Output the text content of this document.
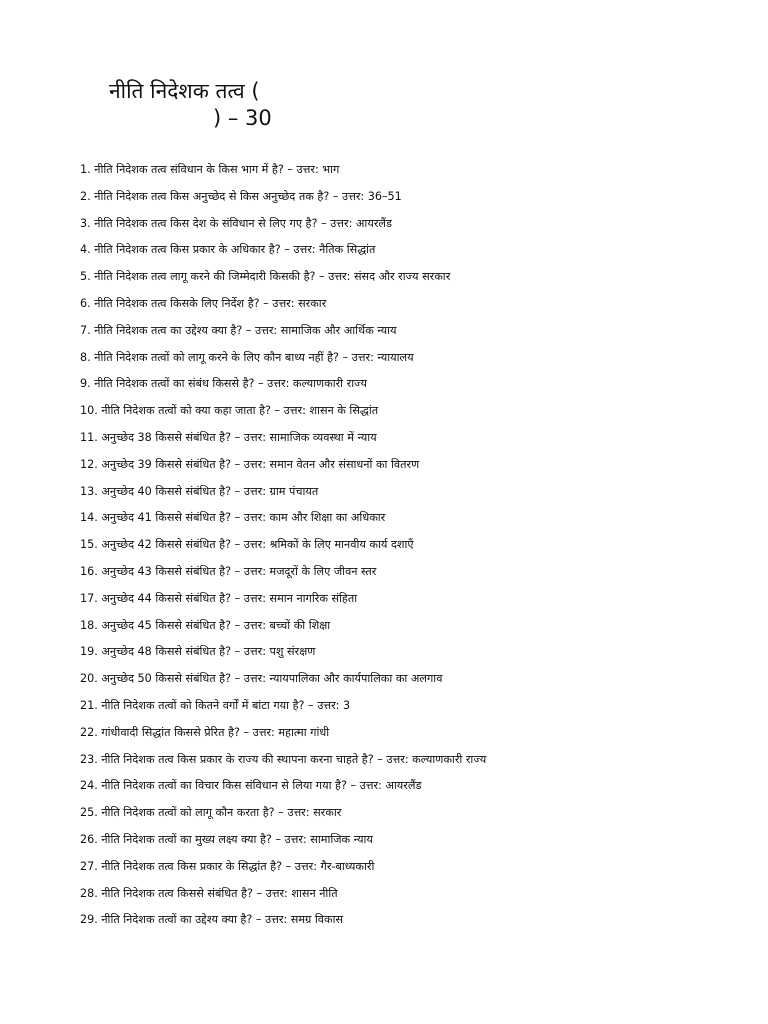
नीति निदेशक तत्व (
) – 30
1. नीति निदेशक तत्व संविधान के किस भाग में है? – उत्तर: भाग
2. नीति निदेशक तत्व किस अनुच्छेद से किस अनुच्छेद तक है? – उत्तर: 36–51
3. नीति निदेशक तत्व किस देश के संविधान से लिए गए है? – उत्तर: आयरलैंड
4. नीति निदेशक तत्व किस प्रकार के अधिकार है? – उत्तर: नैतिक सिद्धांत
5. नीति निदेशक तत्व लागू करने की जिम्मेदारी किसकी है? – उत्तर: संसद और राज्य सरकार
6. नीति निदेशक तत्व किसके लिए निर्देश है? – उत्तर: सरकार
7. नीति निदेशक तत्व का उद्देश्य क्या है? – उत्तर: सामाजिक और आर्थिक न्याय
8. नीति निदेशक तत्वों को लागू करने के लिए कौन बाध्य नहीं है? – उत्तर: न्यायालय
9. नीति निदेशक तत्वों का संबंध किससे है? – उत्तर: कल्याणकारी राज्य
10. नीति निदेशक तत्वों को क्या कहा जाता है? – उत्तर: शासन के सिद्धांत
11. अनुच्छेद 38 किससे संबंधित है? – उत्तर: सामाजिक व्यवस्था में न्याय
12. अनुच्छेद 39 किससे संबंधित है? – उत्तर: समान वेतन और संसाधनों का वितरण
13. अनुच्छेद 40 किससे संबंधित है? – उत्तर: ग्राम पंचायत
14. अनुच्छेद 41 किससे संबंधित है? – उत्तर: काम और शिक्षा का अधिकार
15. अनुच्छेद 42 किससे संबंधित है? – उत्तर: श्रमिकों के लिए मानवीय कार्य दशाएँ
16. अनुच्छेद 43 किससे संबंधित है? – उत्तर: मजदूरों के लिए जीवन स्तर
17. अनुच्छेद 44 किससे संबंधित है? – उत्तर: समान नागरिक संहिता
18. अनुच्छेद 45 किससे संबंधित है? – उत्तर: बच्चों की शिक्षा
19. अनुच्छेद 48 किससे संबंधित है? – उत्तर: पशु संरक्षण
20. अनुच्छेद 50 किससे संबंधित है? – उत्तर: न्यायपालिका और कार्यपालिका का अलगाव
21. नीति निदेशक तत्वों को कितने वर्गों में बांटा गया है? – उत्तर: 3
22. गांधीवादी सिद्धांत किससे प्रेरित है? – उत्तर: महात्मा गांधी
23. नीति निदेशक तत्व किस प्रकार के राज्य की स्थापना करना चाहते है? – उत्तर: कल्याणकारी राज्य
24. नीति निदेशक तत्वों का विचार किस संविधान से लिया गया है? – उत्तर: आयरलैंड
25. नीति निदेशक तत्वों को लागू कौन करता है? – उत्तर: सरकार
26. नीति निदेशक तत्वों का मुख्य लक्ष्य क्या है? – उत्तर: सामाजिक न्याय
27. नीति निदेशक तत्व किस प्रकार के सिद्धांत है? – उत्तर: गैर-बाध्यकारी
28. नीति निदेशक तत्व किससे संबंधित है? – उत्तर: शासन नीति
29. नीति निदेशक तत्वों का उद्देश्य क्या है? – उत्तर: समग्र विकास
